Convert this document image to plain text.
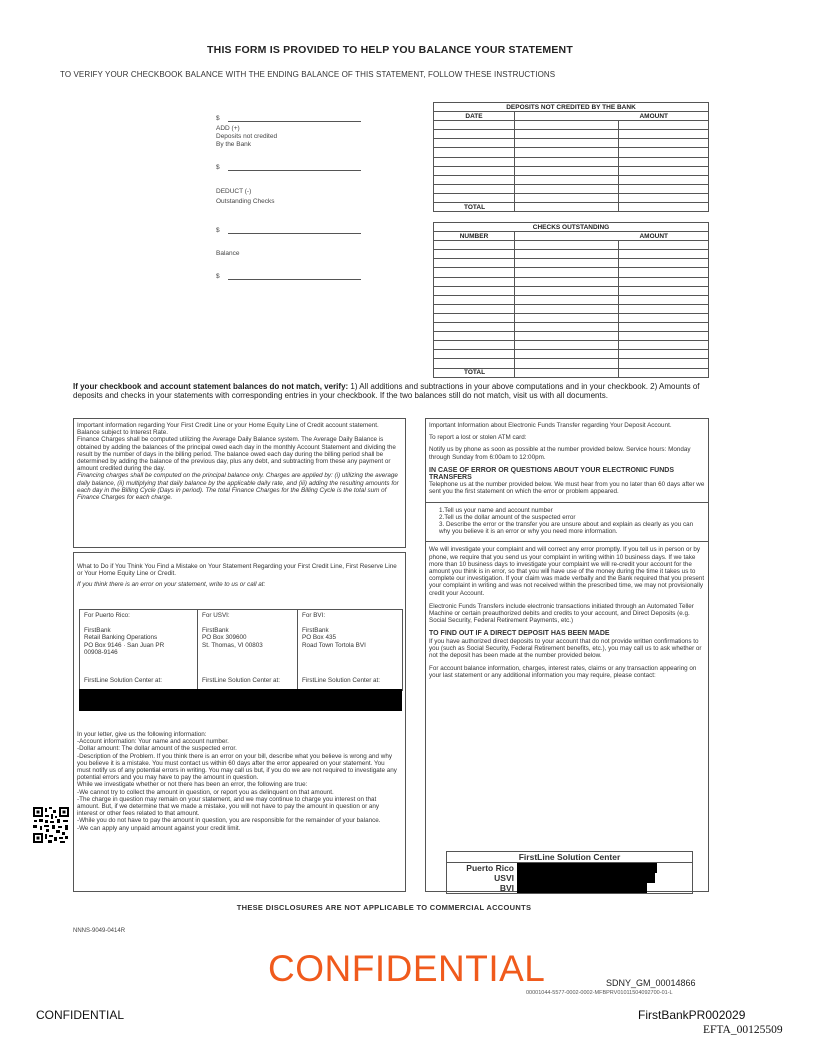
THIS FORM IS PROVIDED TO HELP YOU BALANCE YOUR STATEMENT
TO VERIFY YOUR CHECKBOOK BALANCE WITH THE ENDING BALANCE OF THIS STATEMENT, FOLLOW THESE INSTRUCTIONS
$
ADD (+)
Deposits not credited
By the Bank
$
DEDUCT (-)
Outstanding Checks
$
Balance
$
DEPOSITS NOT CREDITED BY THE BANK		
DATE	AMOUNT	

TOTAL		
CHECKS OUTSTANDING		
NUMBER	AMOUNT	

TOTAL		
If your checkbook and account statement balances do not match, verify: 1) All additions and subtractions in your above computations and in your checkbook. 2) Amounts of deposits and checks in your statements with corresponding entries in your checkbook. If the two balances still do not match, visit us with all documents.

Important information regarding Your First Credit Line or your Home Equity Line of Credit account statement.

Balance subject to Interest Rate.

Finance Charges shall be computed utilizing the Average Daily Balance system. The Average Daily Balance is obtained by adding the balances of the principal owed each day in the monthly Account Statement and dividing the result by the number of days in the billing period. The balance owed each day during the billing period shall be determined by adding the balance of the previous day, plus any debt, and subtracting from these any payment or amount credited during the day.

Financing charges shall be computed on the principal balance only. Charges are applied by: (i) utilizing the average daily balance, (ii) multiplying that daily balance by the applicable daily rate, and (iii) adding the resulting amounts for each day in the Billing Cycle (Days in period). The total Finance Charges for the Billing Cycle is the total sum of Finance Charges for each charge.

What to Do if You Think You Find a Mistake on Your Statement Regarding your First Credit Line, First Reserve Line or Your Home Equity Line or Credit.

If you think there is an error on your statement, write to us or call at:

For Puerto Rico:
FirstBank
Retail Banking Operations
PO Box 9146 · San Juan PR
00908-9146
FirstLine Solution Center at:
For USVI:
FirstBank
PO Box 309600
St. Thomas, VI 00803
FirstLine Solution Center at:
For BVI:
FirstBank
PO Box 435
Road Town Tortola BVI
FirstLine Solution Center at:

In your letter, give us the following information:

-Account information: Your name and account number.

-Dollar amount: The dollar amount of the suspected error.

-Description of the Problem. If you think there is an error on your bill, describe what you believe is wrong and why you believe it is a mistake. You must contact us within 60 days after the error appeared on your statement. You must notify us of any potential errors in writing. You may call us but, if you do we are not required to investigate any potential errors and you may have to pay the amount in question.

While we investigate whether or not there has been an error, the following are true:

-We cannot try to collect the amount in question, or report you as delinquent on that amount.

-The charge in question may remain on your statement, and we may continue to charge you interest on that amount. But, if we determine that we made a mistake, you will not have to pay the amount in question or any interest or other fees related to that amount.

-While you do not have to pay the amount in question, you are responsible for the remainder of your balance.

-We can apply any unpaid amount against your credit limit.

Important Information about Electronic Funds Transfer regarding Your Deposit Account.

To report a lost or stolen ATM card:

Notify us by phone as soon as possible at the number provided below. Service hours: Monday through Sunday from 6:00am to 12:00pm.

IN CASE OF ERROR OR QUESTIONS ABOUT YOUR ELECTRONIC FUNDS TRANSFERS

Telephone us at the number provided below. We must hear from you no later than 60 days after we sent you the first statement on which the error or problem appeared.

1.Tell us your name and account number

2.Tell us the dollar amount of the suspected error

3. Describe the error or the transfer you are unsure about and explain as clearly as you can why you believe it is an error or why you need more information.

We will investigate your complaint and will correct any error promptly. If you tell us in person or by phone, we require that you send us your complaint in writing within 10 business days. If we take more than 10 business days to investigate your complaint we will re-credit your account for the amount you think is in error, so that you will have use of the money during the time it takes us to complete our investigation. If your claim was made verbally and the Bank required that you present your complaint in writing and was not received within the prescribed time, we may not provisionally credit your Account.

Electronic Funds Transfers include electronic transactions initiated through an Automated Teller Machine or certain preauthorized debits and credits to your account, and Direct Deposits (e.g. Social Security, Federal Retirement Payments, etc.)

TO FIND OUT IF A DIRECT DEPOSIT HAS BEEN MADE

If you have authorized direct deposits to your account that do not provide written confirmations to you (such as Social Security, Federal Retirement benefits, etc.), you may call us to ask whether or not the deposit has been made at the number provided below.

For account balance information, charges, interest rates, claims or any transaction appearing on your last statement or any additional information you may require, please contact:

FirstLine Solution Center
Puerto Rico
USVI
BVI
THESE DISCLOSURES ARE NOT APPLICABLE TO COMMERCIAL ACCOUNTS
NNNS-9049-0414R
CONFIDENTIAL	SDNY_GM_00014866
00001044-5577-0002-0002-MFBPRV01011504092700-01-L
CONFIDENTIAL	FirstBankPR002029
EFTA_00125509
